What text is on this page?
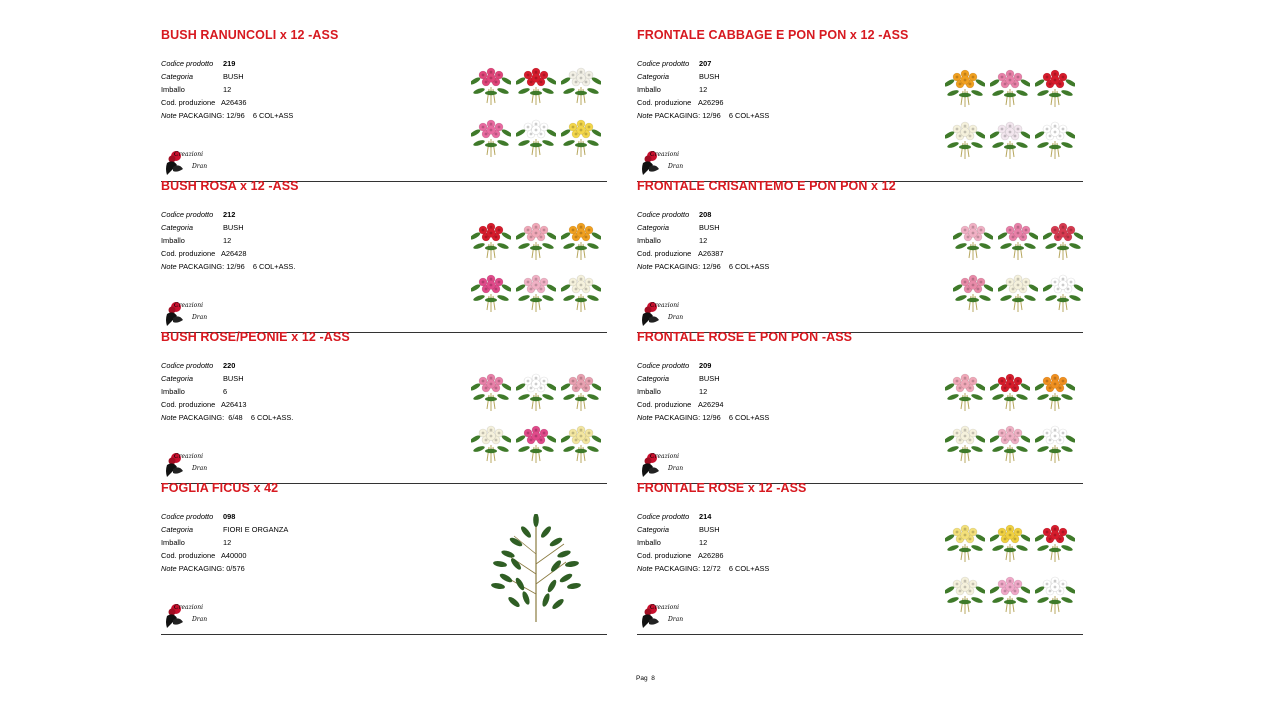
BUSH RANUNCOLI x 12 -ASS
Codice prodotto 219
Categoria	BUSH
Imballo	12
Cod. produzione A26436
Note PACKAGING: 12/96    6 COL+ASS
Creazioni
Dran
FRONTALE CABBAGE E PON PON x 12 -ASS
Codice prodotto 207
Categoria	BUSH
Imballo	12
Cod. produzione A26296
Note PACKAGING: 12/96    6 COL+ASS
Creazioni
Dran
BUSH ROSA x 12 -ASS
Codice prodotto 212
Categoria	BUSH
Imballo	12
Cod. produzione A26428
Note PACKAGING: 12/96    6 COL+ASS.
Creazioni
Dran
FRONTALE CRISANTEMO E PON PON x 12
Codice prodotto 208
Categoria	BUSH
Imballo	12
Cod. produzione A26387
Note PACKAGING: 12/96    6 COL+ASS
Creazioni
Dran
BUSH ROSE/PEONIE x 12 -ASS
Codice prodotto 220
Categoria	BUSH
Imballo	6
Cod. produzione A26413
Note PACKAGING:  6/48    6 COL+ASS.
Creazioni
Dran
FRONTALE ROSE E PON PON -ASS
Codice prodotto 209
Categoria	BUSH
Imballo	12
Cod. produzione A26294
Note PACKAGING: 12/96    6 COL+ASS
Creazioni
Dran
FOGLIA FICUS x 42
Codice prodotto 098
Categoria	FIORI E ORGANZA
Imballo	12
Cod. produzione A40000
Note PACKAGING: 0/576
Creazioni
Dran
FRONTALE ROSE x 12 -ASS
Codice prodotto 214
Categoria	BUSH
Imballo	12
Cod. produzione A26286
Note PACKAGING: 12/72    6 COL+ASS
Creazioni
Dran
Pag 8
